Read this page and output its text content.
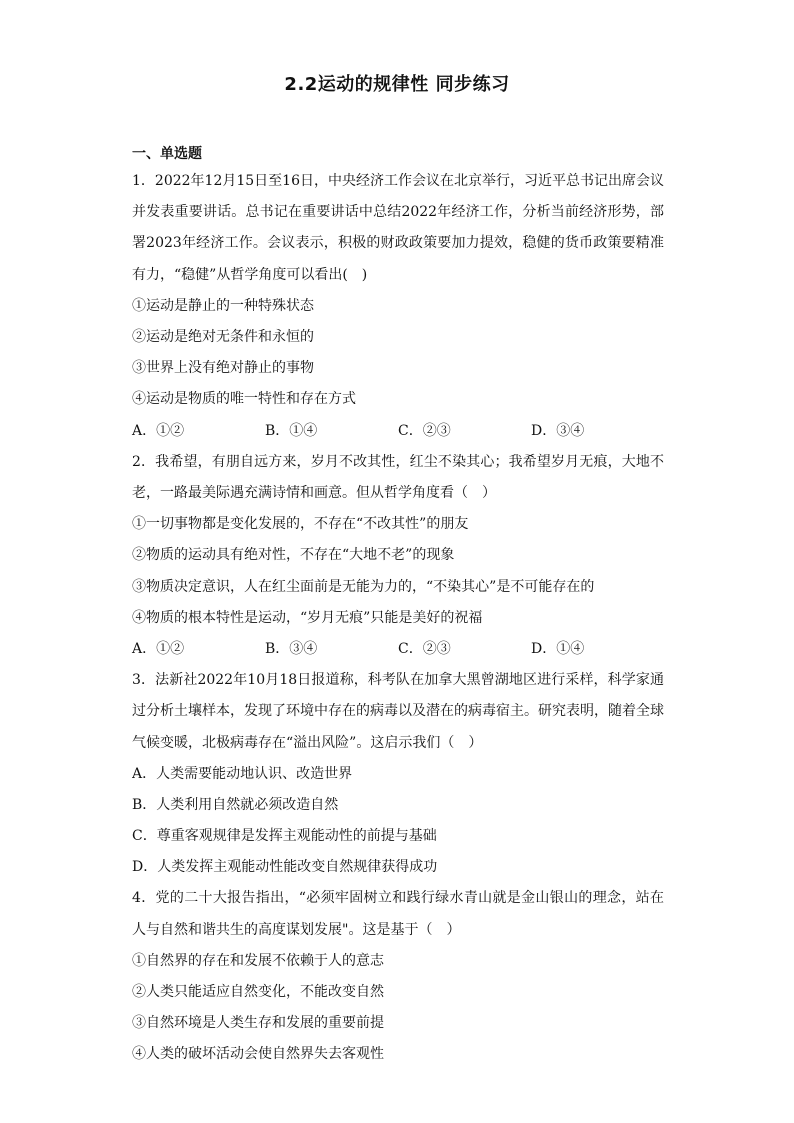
2.2运动的规律性 同步练习
一、单选题
1．2022年12月15日至16日，中央经济工作会议在北京举行，习近平总书记出席会议并发表重要讲话。总书记在重要讲话中总结2022年经济工作，分析当前经济形势，部署2023年经济工作。会议表示，积极的财政政策要加力提效，稳健的货币政策要精准有力，“稳健”从哲学角度可以看出(　)
①运动是静止的一种特殊状态
②运动是绝对无条件和永恒的
③世界上没有绝对静止的事物
④运动是物质的唯一特性和存在方式
A．①②	B．①④	C．②③	D．③④
2．我希望，有朋自远方来，岁月不改其性，红尘不染其心；我希望岁月无痕，大地不老，一路最美际遇充满诗情和画意。但从哲学角度看（　）
①一切事物都是变化发展的，不存在“不改其性”的朋友
②物质的运动具有绝对性，不存在“大地不老”的现象
③物质决定意识，人在红尘面前是无能为力的，“不染其心”是不可能存在的
④物质的根本特性是运动，“岁月无痕”只能是美好的祝福
A．①②	B．③④	C．②③	D．①④
3．法新社2022年10月18日报道称，科考队在加拿大黑曾湖地区进行采样，科学家通过分析土壤样本，发现了环境中存在的病毒以及潜在的病毒宿主。研究表明，随着全球气候变暖，北极病毒存在“溢出风险”。这启示我们（　）
A．人类需要能动地认识、改造世界
B．人类利用自然就必须改造自然
C．尊重客观规律是发挥主观能动性的前提与基础
D．人类发挥主观能动性能改变自然规律获得成功
4．党的二十大报告指出，“必须牢固树立和践行绿水青山就是金山银山的理念，站在人与自然和谐共生的高度谋划发展"。这是基于（　）
①自然界的存在和发展不依赖于人的意志
②人类只能适应自然变化，不能改变自然
③自然环境是人类生存和发展的重要前提
④人类的破坏活动会使自然界失去客观性
